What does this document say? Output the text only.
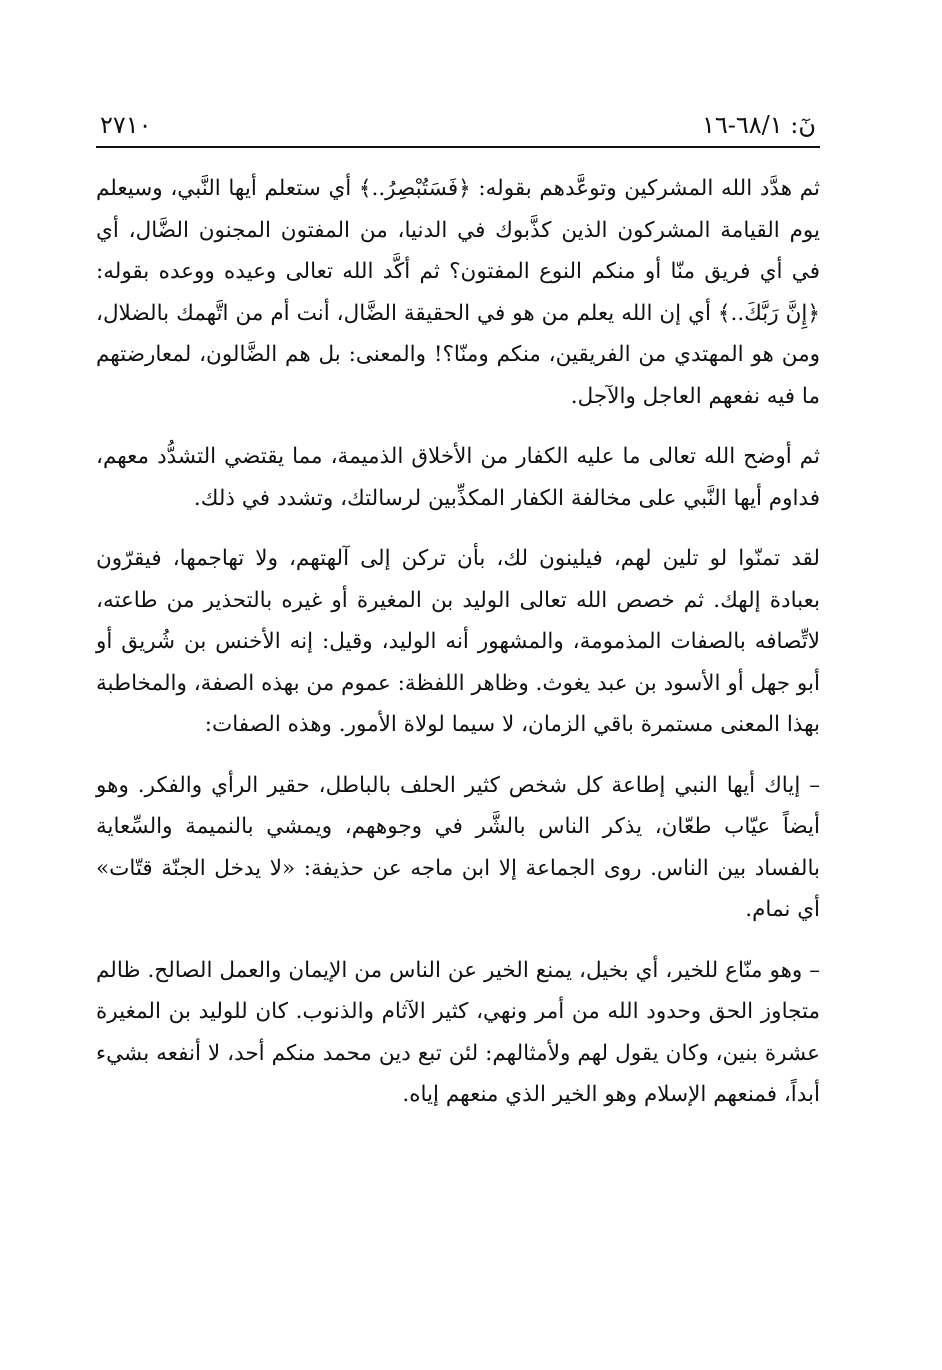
نٓ: ٦٨/١-١٦
٢٧١٠

ثم هدَّد الله المشركين وتوعَّدهم بقوله: ﴿فَسَتُبْصِرُ..﴾ أي ستعلم أيها النَّبي، وسيعلم يوم القيامة المشركون الذين كذَّبوك في الدنيا، من المفتون المجنون الضَّال، أي في أي فريق منّا أو منكم النوع المفتون؟ ثم أكَّد الله تعالى وعيده ووعده بقوله: ﴿إِنَّ رَبَّكَ..﴾ أي إن الله يعلم من هو في الحقيقة الضَّال، أنت أم من اتَّهمك بالضلال، ومن هو المهتدي من الفريقين، منكم ومنّا؟! والمعنى: بل هم الضَّالون، لمعارضتهم ما فيه نفعهم العاجل والآجل.

ثم أوضح الله تعالى ما عليه الكفار من الأخلاق الذميمة، مما يقتضي التشدُّد معهم، فداوم أيها النَّبي على مخالفة الكفار المكذِّبين لرسالتك، وتشدد في ذلك.

لقد تمنّوا لو تلين لهم، فيلينون لك، بأن تركن إلى آلهتهم، ولا تهاجمها، فيقرّون بعبادة إلهك. ثم خصص الله تعالى الوليد بن المغيرة أو غيره بالتحذير من طاعته، لاتِّصافه بالصفات المذمومة، والمشهور أنه الوليد، وقيل: إنه الأخنس بن شُريق أو أبو جهل أو الأسود بن عبد يغوث. وظاهر اللفظة: عموم من بهذه الصفة، والمخاطبة بهذا المعنى مستمرة باقي الزمان، لا سيما لولاة الأمور. وهذه الصفات:

– إياك أيها النبي إطاعة كل شخص كثير الحلف بالباطل، حقير الرأي والفكر. وهو أيضاً عيّاب طعّان، يذكر الناس بالشَّر في وجوههم، ويمشي بالنميمة والسِّعاية بالفساد بين الناس. روى الجماعة إلا ابن ماجه عن حذيفة: «لا يدخل الجنّة قتّات» أي نمام.

– وهو منّاع للخير، أي بخيل، يمنع الخير عن الناس من الإيمان والعمل الصالح. ظالم متجاوز الحق وحدود الله من أمر ونهي، كثير الآثام والذنوب. كان للوليد بن المغيرة عشرة بنين، وكان يقول لهم ولأمثالهم: لئن تبع دين محمد منكم أحد، لا أنفعه بشيء أبداً، فمنعهم الإسلام وهو الخير الذي منعهم إياه.
